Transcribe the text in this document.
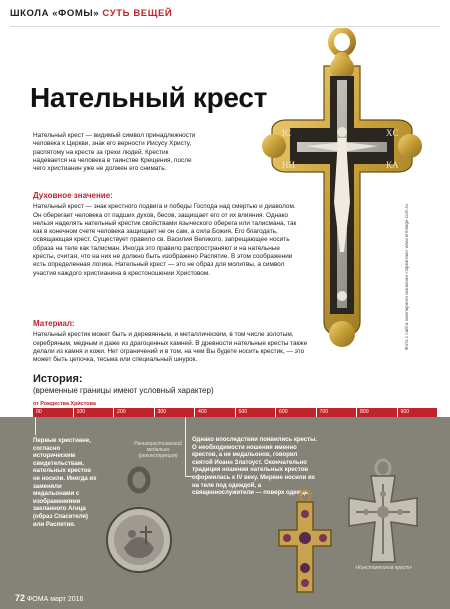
ШКОЛА «ФОМЫ» СУТЬ ВЕЩЕЙ
Нательный крест

Нательный крест — видимый символ принадлежности человека к Церкви, знак его верности Иисусу Христу, распятому на кресте за грехи людей. Крестик надевается на человека в таинстве Крещения, после чего христианин уже не должен его снимать.

Духовное значение:

Нательный крест — знак крестного подвига и победы Господа над смертью и диаволом. Он оберегает человека от падших духов, бесов, защищает его от их влияния. Однако нельзя наделять нательный крестик свойствами языческого оберега или талисмана, так как в конечном счете человека защищает не он сам, а сила Божия, Его благодать, освящающая крест. Существует правило св. Василия Великого, запрещающее носить образа на теле как талисман. Иногда это правило распространяют и на нательные кресты, считая, что на них не должно быть изображено Распятие. В этом соображении есть определенная логика. Нательный крест — это не образ для молитвы, а символ участия каждого христианина в крестоношении Христовом.

Материал:

Нательный крестик может быть и деревянным, и металлическим, в том числе золотым, серебряным, медным и даже из драгоценных камней. В древности нательные кресты также делали из камня и кожи. Нет ограничений и в том, на чем Вы будете носить крестик, — это может быть цепочка, тесьма или специальный шнурок.

IC	XC
НИ	КА
Фото с сайта ювелирного магазина «Эрмитаж» www.ermitage.com.ru
История:
(временные границы имеют условный характер)
от Рождества Христова
00	100	200	300	400	500	600	700	800	900
Первые христиане, согласно историческим свидетельствам, нательных крестов не носили. Иногда их заменяли медальонами с изображениями закланного Агнца (образ Спасителя) или Распятия.
Раннехристианский медальон (реконструкция)
Однако впоследствии появились кресты. О необходимости ношения именно крестов, а не медальонов, говорил святой Иоанн Златоуст. Окончательно традиция ношения нательных крестов оформилась к IV веку. Миряне носили их на теле под одеждой, а священнослужители — поверх одежды.
«Константинов крест»
72 ФОМА март 2016
